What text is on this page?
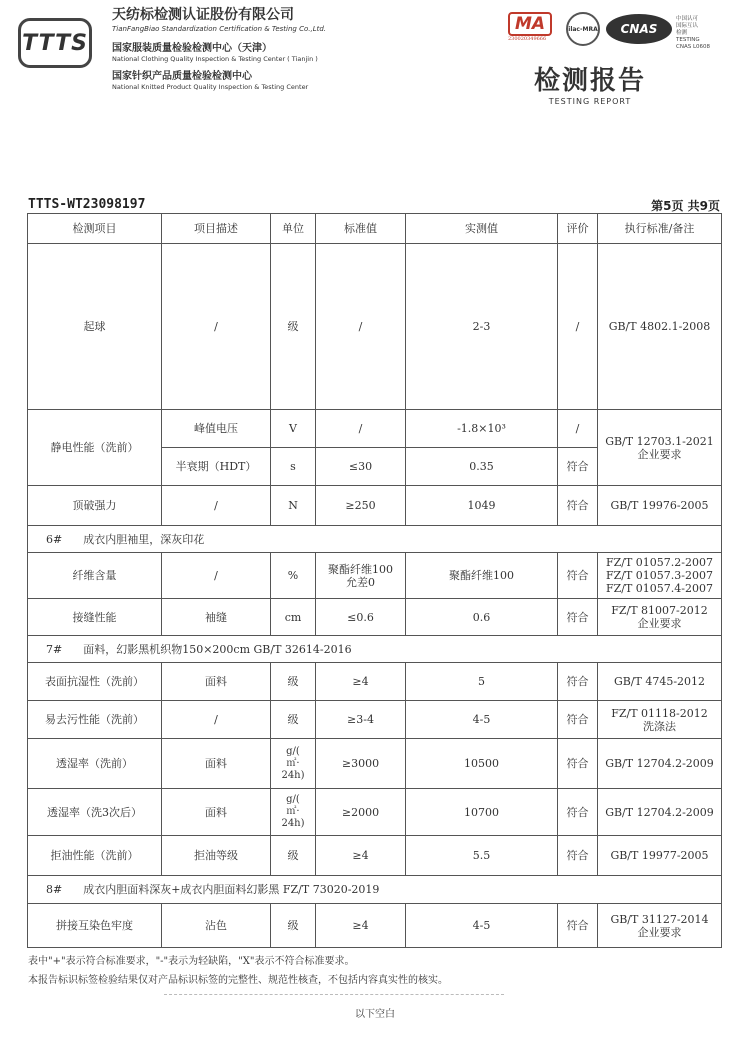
TTTS
天纺标检测认证股份有限公司
TianFangBiao Standardization Certification & Testing Co.,Ltd.
国家服装质量检验检测中心（天津）
National Clothing Quality Inspection & Testing Center ( Tianjin )
国家针织产品质量检验检测中心
National Knitted Product Quality Inspection & Testing Center
MA
230020349666
ilac-MRA	CNAS
中国认可
国际互认
检测
TESTING
CNAS L0608
检测报告
TESTING REPORT
TTTS-WT23098197	第5页 共9页
检测项目	项目描述	单位	标准值	实测值	评价	执行标准/备注
起球	/	级	/	2-3	/	GB/T 4802.1-2008
静电性能（洗前）	峰值电压	V	/	-1.8×10³	/	GB/T 12703.1-2021
企业要求
	半衰期（HDT）	s	≤30	0.35	符合	
顶破强力	/	N	≥250	1049	符合	GB/T 19976-2005
6#      成衣内胆袖里，深灰印花						
纤维含量	/	%	聚酯纤维100
允差0	聚酯纤维100	符合	FZ/T 01057.2-2007
FZ/T 01057.3-2007
FZ/T 01057.4-2007
接缝性能	袖缝	cm	≤0.6	0.6	符合	FZ/T 81007-2012
企业要求
7#      面料，幻影黑机织物150×200cm GB/T 32614-2016						
表面抗湿性（洗前）	面料	级	≥4	5	符合	GB/T 4745-2012
易去污性能（洗前）	/	级	≥3-4	4-5	符合	FZ/T 01118-2012
洗涤法
透湿率（洗前）	面料	g/(
㎡·
24h)	≥3000	10500	符合	GB/T 12704.2-2009
透湿率（洗3次后）	面料	g/(
㎡·
24h)	≥2000	10700	符合	GB/T 12704.2-2009
拒油性能（洗前）	拒油等级	级	≥4	5.5	符合	GB/T 19977-2005
8#      成衣内胆面料深灰+成衣内胆面料幻影黑 FZ/T 73020-2019						
拼接互染色牢度	沾色	级	≥4	4-5	符合	GB/T 31127-2014
企业要求
表中"+"表示符合标准要求，"-"表示为轻缺陷，"X"表示不符合标准要求。
本报告标识标签检验结果仅对产品标识标签的完整性、规范性核查，不包括内容真实性的核实。
以下空白
